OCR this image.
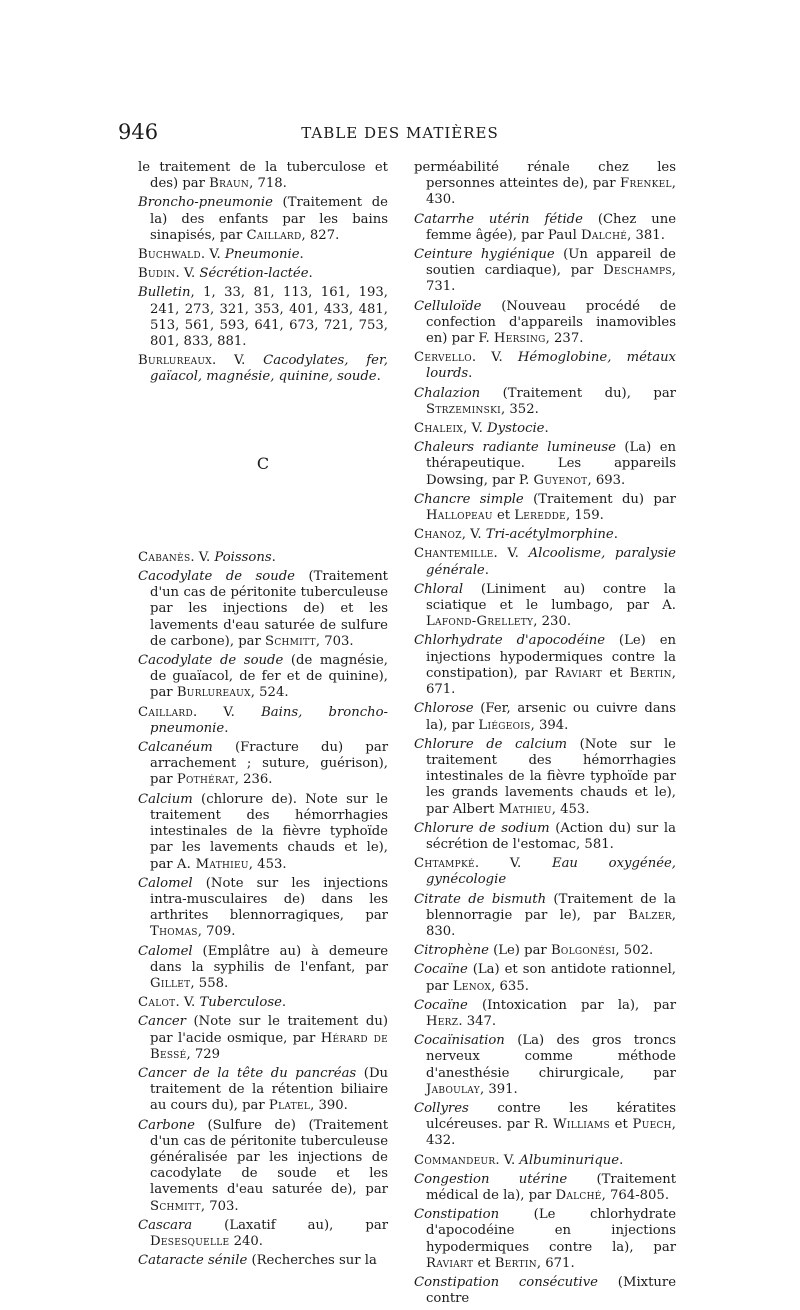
946	TABLE DES MATIÈRES
le traitement de la tuberculose et des) par Braun, 718.
Broncho-pneumonie (Traitement de la) des enfants par les bains sinapisés, par Caillard, 827.
Buchwald. V. Pneumonie.
Budin. V. Sécrétion-lactée.
Bulletin, 1, 33, 81, 113, 161, 193, 241, 273, 321, 353, 401, 433, 481, 513, 561, 593, 641, 673, 721, 753, 801, 833, 881.
Burlureaux. V. Cacodylates, fer, gaïacol, magnésie, quinine, soude.
C
Cabanès. V. Poissons.
Cacodylate de soude (Traitement d'un cas de péritonite tuberculeuse par les injections de) et les lavements d'eau saturée de sulfure de carbone), par Schmitt, 703.
Cacodylate de soude (de magnésie, de guaïacol, de fer et de quinine), par Burlureaux, 524.
Caillard. V. Bains, broncho-pneumonie.
Calcanéum (Fracture du) par arrachement ; suture, guérison), par Pothérat, 236.
Calcium (chlorure de). Note sur le traitement des hémorrhagies intestinales de la fièvre typhoïde par les lavements chauds et le), par A. Mathieu, 453.
Calomel (Note sur les injections intra-musculaires de) dans les arthrites blennorragiques, par Thomas, 709.
Calomel (Emplâtre au) à demeure dans la syphilis de l'enfant, par Gillet, 558.
Calot. V. Tuberculose.
Cancer (Note sur le traitement du) par l'acide osmique, par Hérard de Bessé, 729
Cancer de la tête du pancréas (Du traitement de la rétention biliaire au cours du), par Platel, 390.
Carbone (Sulfure de) (Traitement d'un cas de péritonite tuberculeuse généralisée par les injections de cacodylate de soude et les lavements d'eau saturée de), par Schmitt, 703.
Cascara (Laxatif au), par Desesquelle 240.
Cataracte sénile (Recherches sur la
perméabilité rénale chez les personnes atteintes de), par Frenkel, 430.
Catarrhe utérin fétide (Chez une femme âgée), par Paul Dalché, 381.
Ceinture hygiénique (Un appareil de soutien cardiaque), par Deschamps, 731.
Celluloïde (Nouveau procédé de confection d'appareils inamovibles en) par F. Hersing, 237.
Cervello. V. Hémoglobine, métaux lourds.
Chalazion (Traitement du), par Strzeminski, 352.
Chaleix, V. Dystocie.
Chaleurs radiante lumineuse (La) en thérapeutique. Les appareils Dowsing, par P. Guyenot, 693.
Chancre simple (Traitement du) par Hallopeau et Leredde, 159.
Chanoz, V. Tri-acétylmorphine.
Chantemille. V. Alcoolisme, paralysie générale.
Chloral (Liniment au) contre la sciatique et le lumbago, par A. Lafond-Grellety, 230.
Chlorhydrate d'apocodéine (Le) en injections hypodermiques contre la constipation), par Raviart et Bertin, 671.
Chlorose (Fer, arsenic ou cuivre dans la), par Liégeois, 394.
Chlorure de calcium (Note sur le traitement des hémorrhagies intestinales de la fièvre typhoïde par les grands lavements chauds et le), par Albert Mathieu, 453.
Chlorure de sodium (Action du) sur la sécrétion de l'estomac, 581.
Chtampké. V. Eau oxygénée, gynécologie
Citrate de bismuth (Traitement de la blennorragie par le), par Balzer, 830.
Citrophène (Le) par Bolgonési, 502.
Cocaïne (La) et son antidote rationnel, par Lenox, 635.
Cocaïne (Intoxication par la), par Herz. 347.
Cocaïnisation (La) des gros troncs nerveux comme méthode d'anesthésie chirurgicale, par Jaboulay, 391.
Collyres contre les kératites ulcéreuses. par R. Williams et Puech, 432.
Commandeur. V. Albuminurique.
Congestion utérine (Traitement médical de la), par Dalché, 764-805.
Constipation (Le chlorhydrate d'apocodéine en injections hypodermiques contre la), par Raviart et Bertin, 671.
Constipation consécutive (Mixture contre
